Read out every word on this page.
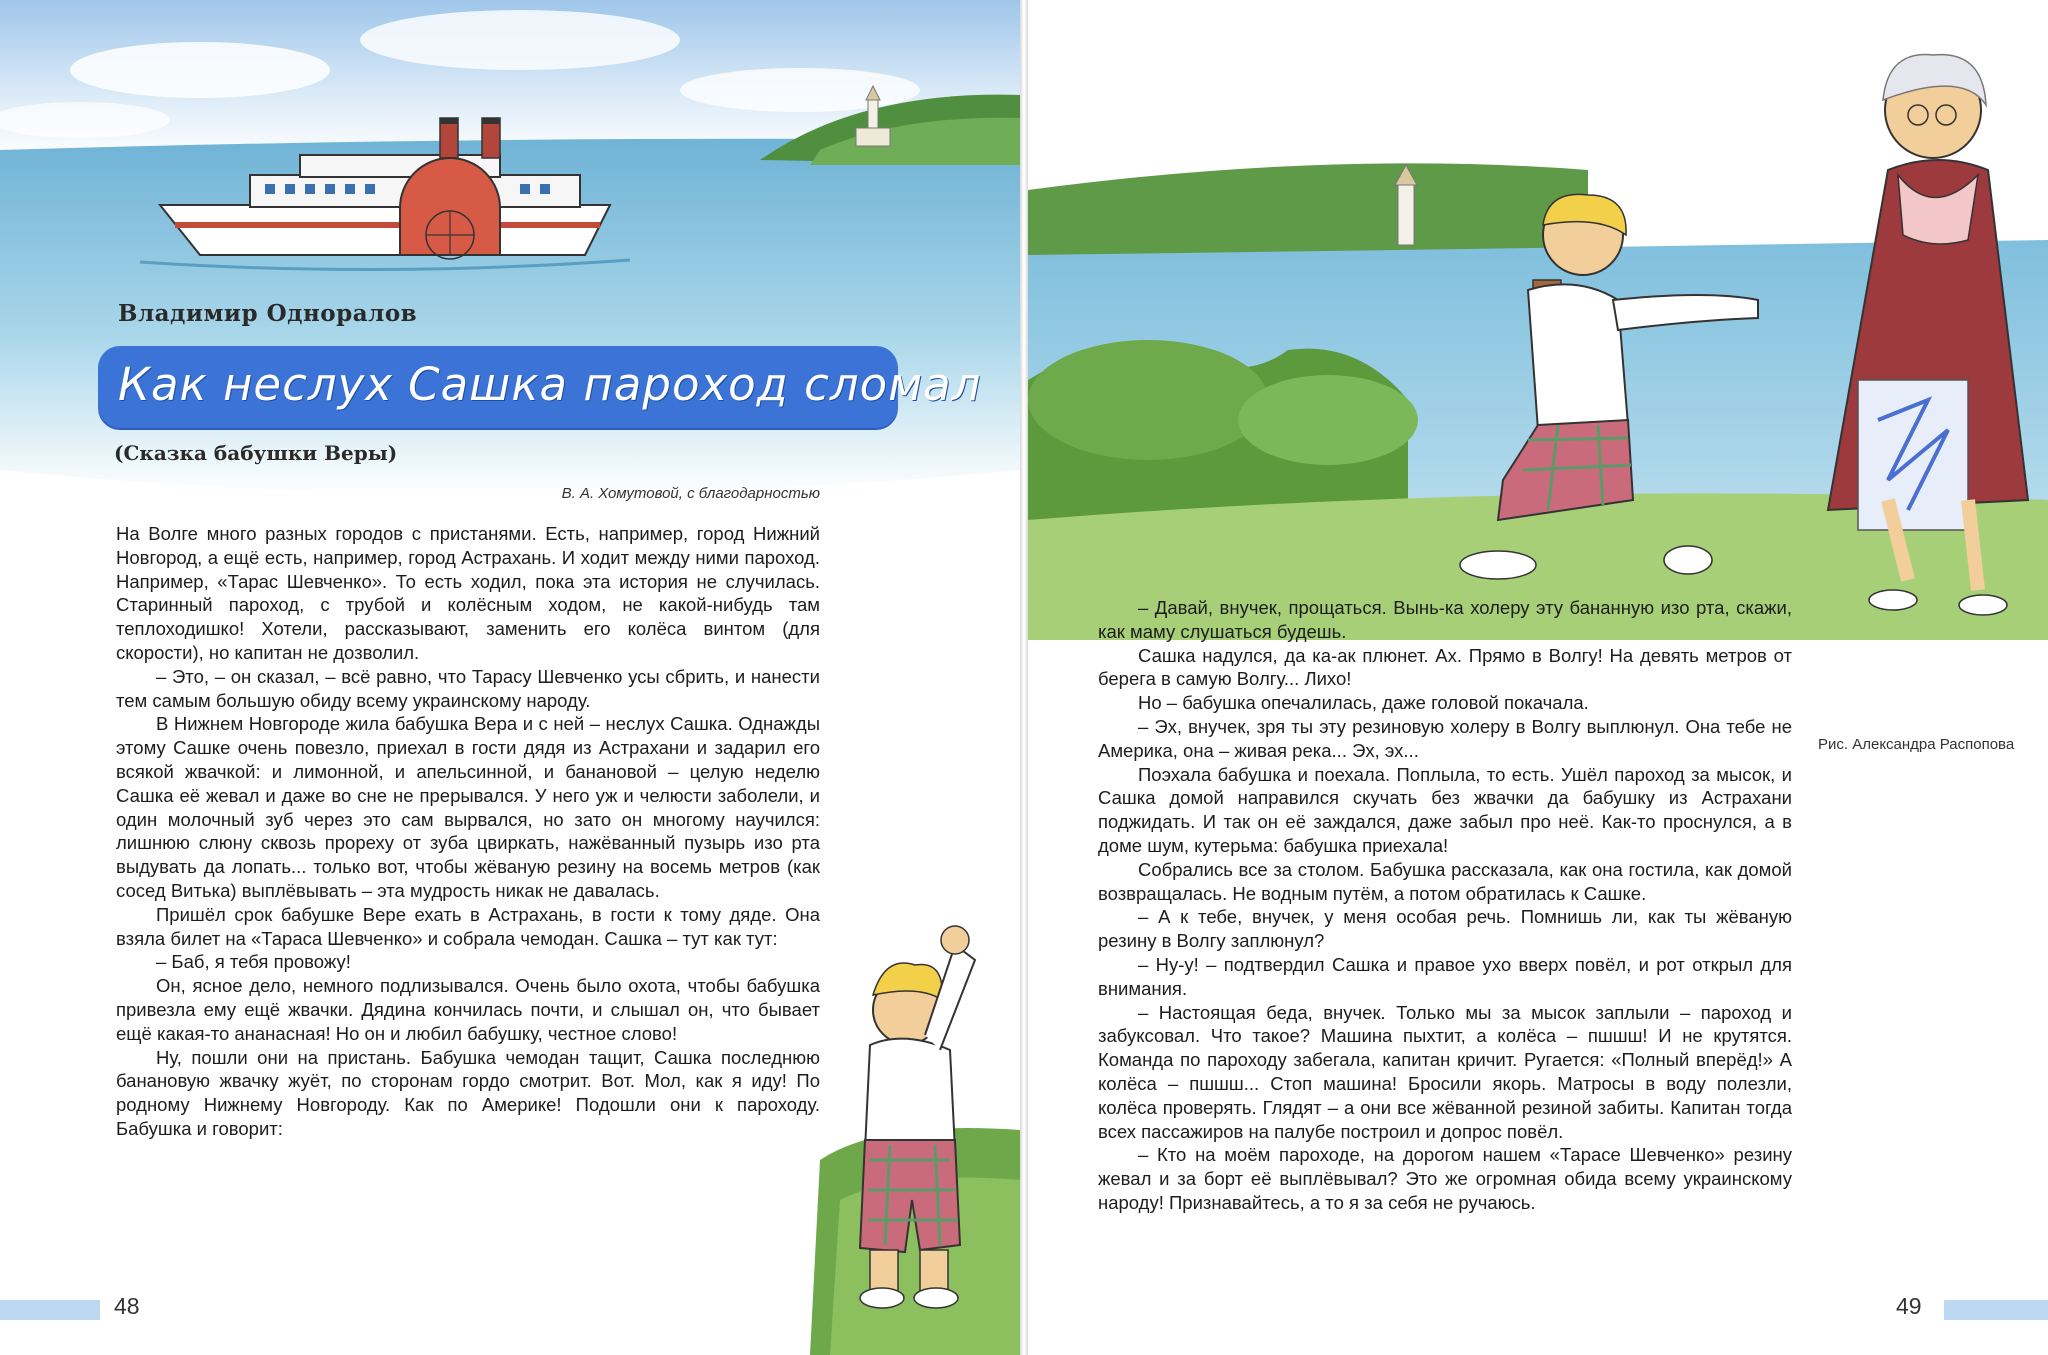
Владимир Одноралов
Как неслух Сашка пароход сломал
(Сказка бабушки Веры)
В. А. Хомутовой, с благодарностью

На Волге много разных городов с пристанями. Есть, например, город Нижний Новгород, а ещё есть, например, город Астрахань. И ходит между ними пароход. Например, «Тарас Шевченко». То есть ходил, пока эта история не случилась. Старинный пароход, с трубой и колёсным ходом, не какой-нибудь там теплоходишко! Хотели, рассказывают, заменить его колёса винтом (для скорости), но капитан не дозволил.

– Это, – он сказал, – всё равно, что Тарасу Шевченко усы сбрить, и нанести тем самым большую обиду всему украинскому народу.

В Нижнем Новгороде жила бабушка Вера и с ней – неслух Сашка. Однажды этому Сашке очень повезло, приехал в гости дядя из Астрахани и задарил его всякой жвачкой: и лимонной, и апельсинной, и банановой – целую неделю Сашка её жевал и даже во сне не прерывался. У него уж и челюсти заболели, и один молочный зуб через это сам вырвался, но зато он многому научился: лишнюю слюну сквозь прореху от зуба цвиркать, нажёванный пузырь изо рта выдувать да лопать... только вот, чтобы жёваную резину на восемь метров (как сосед Витька) выплёвывать – эта мудрость никак не давалась.

Пришёл срок бабушке Вере ехать в Астрахань, в гости к тому дяде. Она взяла билет на «Тараса Шевченко» и собрала чемодан. Сашка – тут как тут:

– Баб, я тебя провожу!

Он, ясное дело, немного подлизывался. Очень было охота, чтобы бабушка привезла ему ещё жвачки. Дядина кончилась почти, и слышал он, что бывает ещё какая-то ананасная! Но он и любил бабушку, честное слово!

Ну, пошли они на пристань. Бабушка чемодан тащит, Сашка последнюю банановую жвачку жуёт, по сторонам гордо смотрит. Вот. Мол, как я иду! По родному Нижнему Новгороду. Как по Америке! Подошли они к пароходу. Бабушка и говорит:

48

– Давай, внучек, прощаться. Вынь-ка холеру эту бананную изо рта, скажи, как маму слушаться будешь.

Сашка надулся, да ка-ак плюнет. Ах. Прямо в Волгу! На девять метров от берега в самую Волгу... Лихо!

Но – бабушка опечалилась, даже головой покачала.

– Эх, внучек, зря ты эту резиновую холеру в Волгу выплюнул. Она тебе не Америка, она – живая река... Эх, эх...

Поэхала бабушка и поехала. Поплыла, то есть. Ушёл пароход за мысок, и Сашка домой направился скучать без жвачки да бабушку из Астрахани поджидать. И так он её заждался, даже забыл про неё. Как-то проснулся, а в доме шум, кутерьма: бабушка приехала!

Собрались все за столом. Бабушка рассказала, как она гостила, как домой возвращалась. Не водным путём, а потом обратилась к Сашке.

– А к тебе, внучек, у меня особая речь. Помнишь ли, как ты жёваную резину в Волгу заплюнул?

– Ну-у! – подтвердил Сашка и правое ухо вверх повёл, и рот открыл для внимания.

– Настоящая беда, внучек. Только мы за мысок заплыли – пароход и забуксовал. Что такое? Машина пыхтит, а колёса – пшшш! И не крутятся. Команда по пароходу забегала, капитан кричит. Ругается: «Полный вперёд!» А колёса – пшшш... Стоп машина! Бросили якорь. Матросы в воду полезли, колёса проверять. Глядят – а они все жёванной резиной забиты. Капитан тогда всех пассажиров на палубе построил и допрос повёл.

– Кто на моём пароходе, на дорогом нашем «Тарасе Шевченко» резину жевал и за борт её выплёвывал? Это же огромная обида всему украинскому народу! Признавайтесь, а то я за себя не ручаюсь.

Рис. Александра Распопова
49
